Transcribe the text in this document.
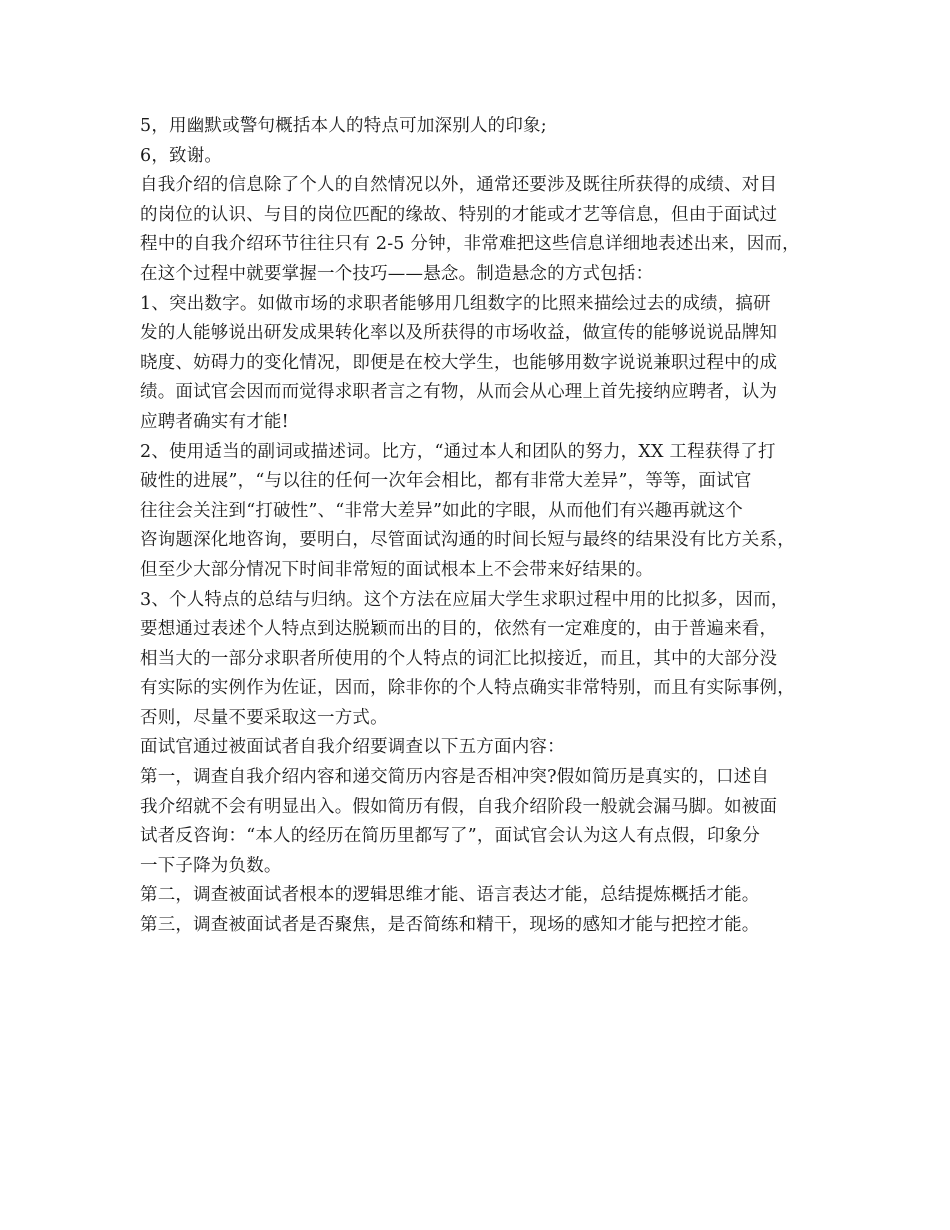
5，用幽默或警句概括本人的特点可加深别人的印象;
6，致谢。
自我介绍的信息除了个人的自然情况以外，通常还要涉及既往所获得的成绩、对目
的岗位的认识、与目的岗位匹配的缘故、特别的才能或才艺等信息，但由于面试过
程中的自我介绍环节往往只有 2-5 分钟，非常难把这些信息详细地表述出来，因而，
在这个过程中就要掌握一个技巧——悬念。制造悬念的方式包括：
1、突出数字。如做市场的求职者能够用几组数字的比照来描绘过去的成绩，搞研
发的人能够说出研发成果转化率以及所获得的市场收益，做宣传的能够说说品牌知
晓度、妨碍力的变化情况，即便是在校大学生，也能够用数字说说兼职过程中的成
绩。面试官会因而而觉得求职者言之有物，从而会从心理上首先接纳应聘者，认为
应聘者确实有才能!
2、使用适当的副词或描述词。比方，“通过本人和团队的努力，XX 工程获得了打
破性的进展”，“与以往的任何一次年会相比，都有非常大差异”，等等，面试官
往往会关注到“打破性”、“非常大差异”如此的字眼，从而他们有兴趣再就这个
咨询题深化地咨询，要明白，尽管面试沟通的时间长短与最终的结果没有比方关系，
但至少大部分情况下时间非常短的面试根本上不会带来好结果的。
3、个人特点的总结与归纳。这个方法在应届大学生求职过程中用的比拟多，因而，
要想通过表述个人特点到达脱颖而出的目的，依然有一定难度的，由于普遍来看，
相当大的一部分求职者所使用的个人特点的词汇比拟接近，而且，其中的大部分没
有实际的实例作为佐证，因而，除非你的个人特点确实非常特别，而且有实际事例，
否则，尽量不要采取这一方式。
面试官通过被面试者自我介绍要调查以下五方面内容：
第一，调查自我介绍内容和递交简历内容是否相冲突?假如简历是真实的，口述自
我介绍就不会有明显出入。假如简历有假，自我介绍阶段一般就会漏马脚。如被面
试者反咨询：“本人的经历在简历里都写了”，面试官会认为这人有点假，印象分
一下子降为负数。
第二，调查被面试者根本的逻辑思维才能、语言表达才能，总结提炼概括才能。
第三，调查被面试者是否聚焦，是否简练和精干，现场的感知才能与把控才能。
